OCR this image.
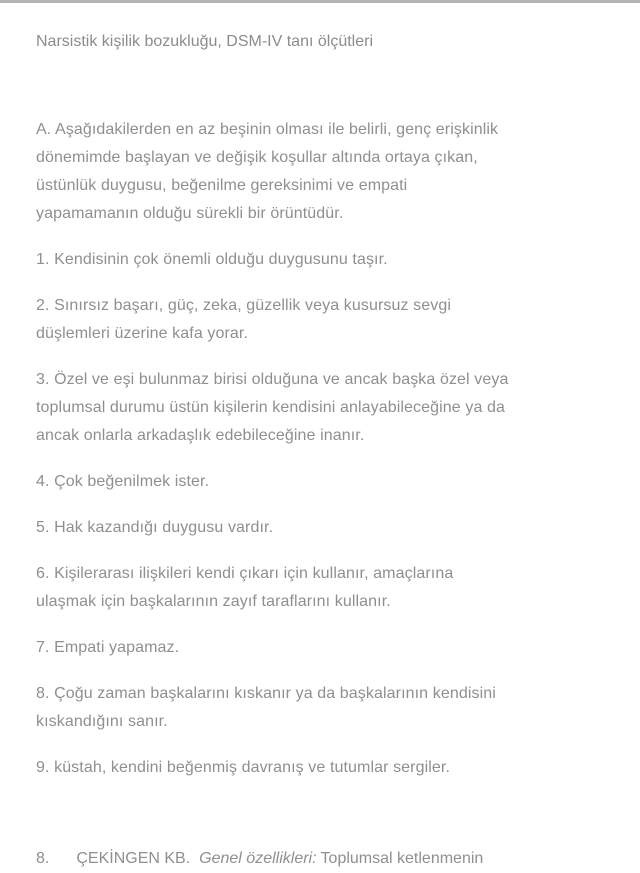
Narsistik kişilik bozukluğu, DSM-IV tanı ölçütleri

A. Aşağıdakilerden en az beşinin olması ile belirli, genç erişkinlik
dönemimde başlayan ve değişik koşullar altında ortaya çıkan,
üstünlük duygusu, beğenilme gereksinimi ve empati
yapamamanın olduğu sürekli bir örüntüdür.

1. Kendisinin çok önemli olduğu duygusunu taşır.

2. Sınırsız başarı, güç, zeka, güzellik veya kusursuz sevgi
düşlemleri üzerine kafa yorar.

3. Özel ve eşi bulunmaz birisi olduğuna ve ancak başka özel veya
toplumsal durumu üstün kişilerin kendisini anlayabileceğine ya da
ancak onlarla arkadaşlık edebileceğine inanır.

4. Çok beğenilmek ister.

5. Hak kazandığı duygusu vardır.

6. Kişilerarası ilişkileri kendi çıkarı için kullanır, amaçlarına
ulaşmak için başkalarının zayıf taraflarını kullanır.

7. Empati yapamaz.

8. Çoğu zaman başkalarını kıskanır ya da başkalarının kendisini
kıskandığını sanır.

9. küstah, kendini beğenmiş davranış ve tutumlar sergiler.

8. ÇEKİNGEN KB. Genel özellikleri: Toplumsal ketlenmenin
